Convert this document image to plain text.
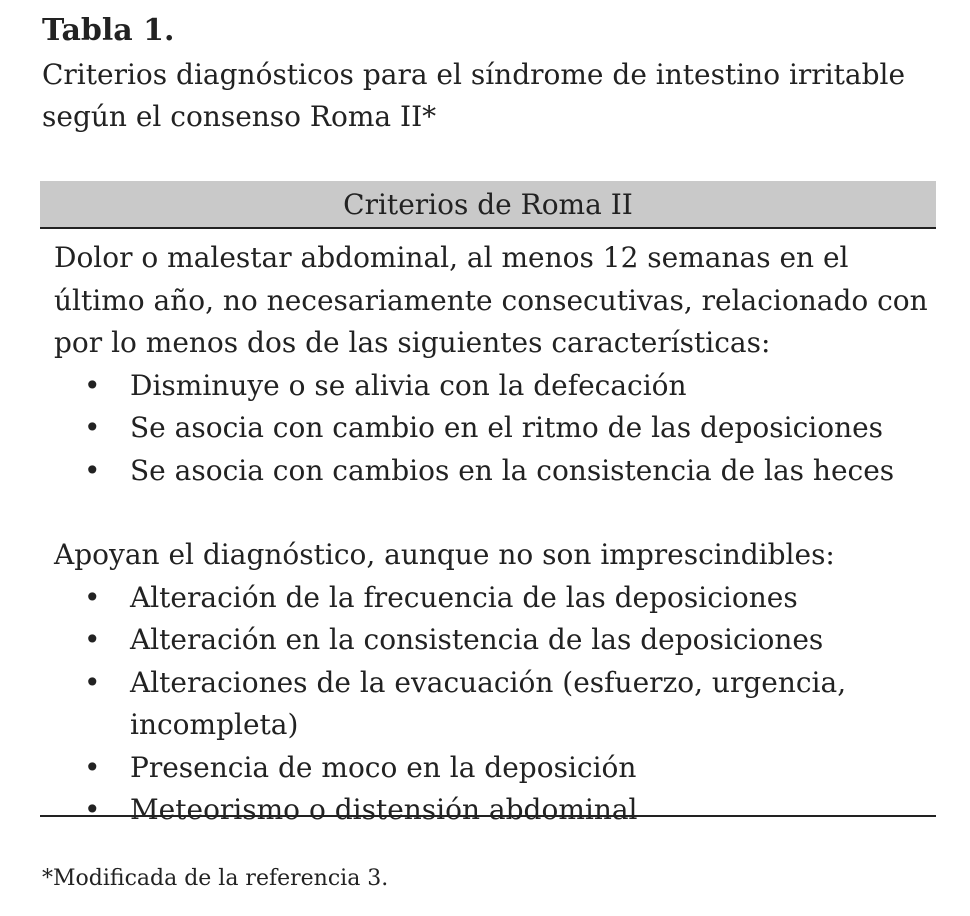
Tabla 1.
Criterios diagnósticos para el síndrome de intestino irritable según el consenso Roma II*
Criterios de Roma II

Dolor o malestar abdominal, al menos 12 semanas en el último año, no necesariamente consecutivas, relacionado con por lo menos dos de las siguientes características:

• Disminuye o se alivia con la defecación
• Se asocia con cambio en el ritmo de las deposiciones
• Se asocia con cambios en la consistencia de las heces

Apoyan el diagnóstico, aunque no son imprescindibles:

• Alteración de la frecuencia de las deposiciones
• Alteración en la consistencia de las deposiciones
• Alteraciones de la evacuación (esfuerzo, urgencia, incompleta)
• Presencia de moco en la deposición
• Meteorismo o distensión abdominal
*Modificada de la referencia 3.
